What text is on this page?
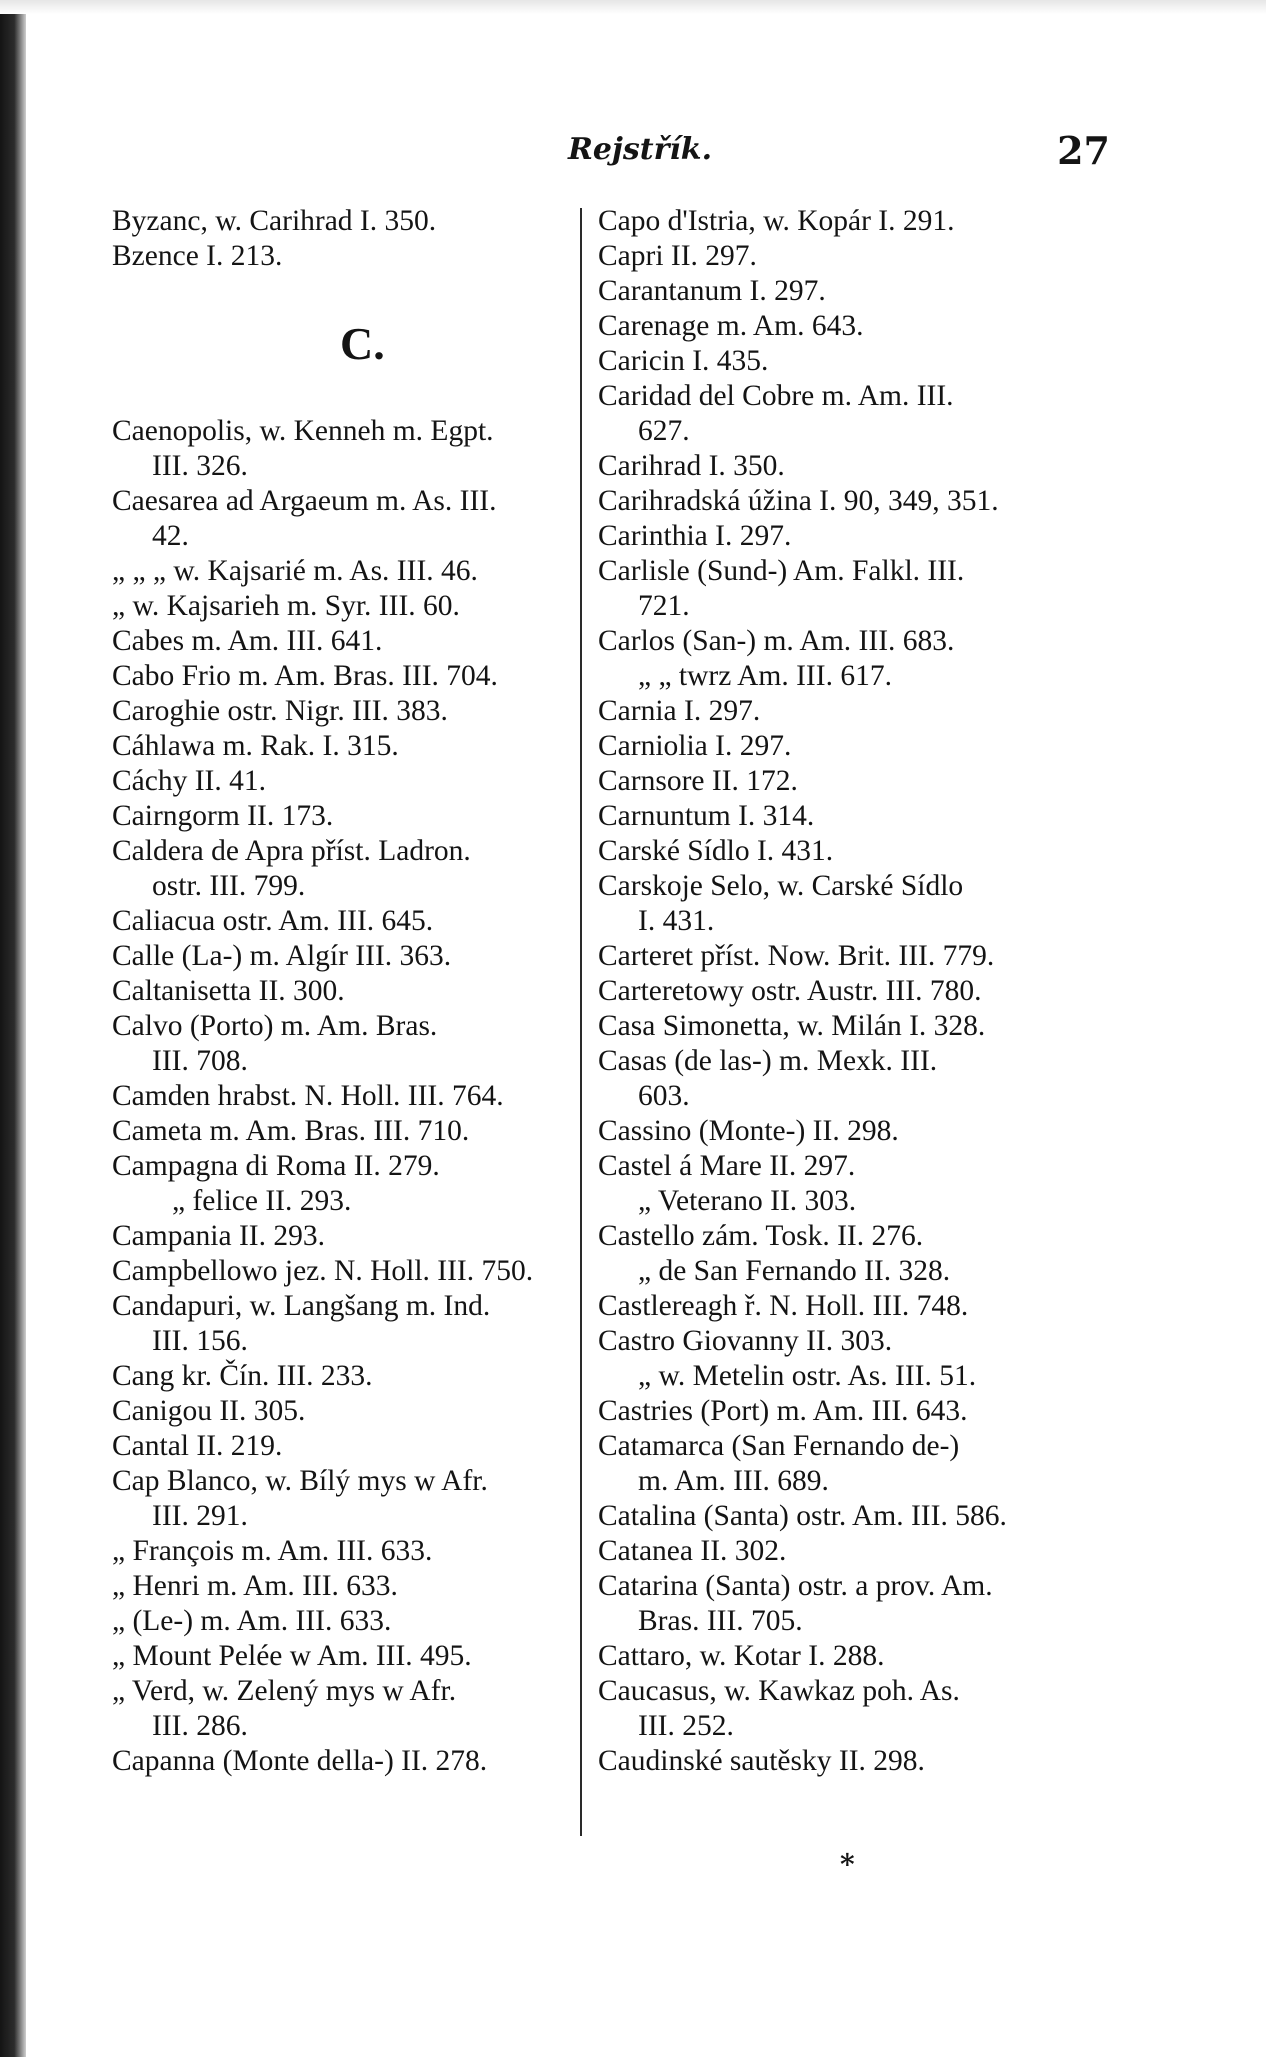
Rejstřík.	27
Byzanc, w. Carihrad I. 350.
Bzence I. 213.
C.
Caenopolis, w. Kenneh m. Egpt.
III. 326.
Caesarea ad Argaeum m. As. III.
42.
„ „ „ w. Kajsarié m. As. III. 46.
„ w. Kajsarieh m. Syr. III. 60.
Cabes m. Am. III. 641.
Cabo Frio m. Am. Bras. III. 704.
Caroghie ostr. Nigr. III. 383.
Cáhlawa m. Rak. I. 315.
Cáchy II. 41.
Cairngorm II. 173.
Caldera de Apra příst. Ladron.
ostr. III. 799.
Caliacua ostr. Am. III. 645.
Calle (La-) m. Algír III. 363.
Caltanisetta II. 300.
Calvo (Porto) m. Am. Bras.
III. 708.
Camden hrabst. N. Holl. III. 764.
Cameta m. Am. Bras. III. 710.
Campagna di Roma II. 279.
„ felice II. 293.
Campania II. 293.
Campbellowo jez. N. Holl. III. 750.
Candapuri, w. Langšang m. Ind.
III. 156.
Cang kr. Čín. III. 233.
Canigou II. 305.
Cantal II. 219.
Cap Blanco, w. Bílý mys w Afr.
III. 291.
„ François m. Am. III. 633.
„ Henri m. Am. III. 633.
„ (Le-) m. Am. III. 633.
„ Mount Pelée w Am. III. 495.
„ Verd, w. Zelený mys w Afr.
III. 286.
Capanna (Monte della-) II. 278.
Capo d'Istria, w. Kopár I. 291.
Capri II. 297.
Carantanum I. 297.
Carenage m. Am. 643.
Caricin I. 435.
Caridad del Cobre m. Am. III.
627.
Carihrad I. 350.
Carihradská úžina I. 90, 349, 351.
Carinthia I. 297.
Carlisle (Sund-) Am. Falkl. III.
721.
Carlos (San-) m. Am. III. 683.
„ „ twrz Am. III. 617.
Carnia I. 297.
Carniolia I. 297.
Carnsore II. 172.
Carnuntum I. 314.
Carské Sídlo I. 431.
Carskoje Selo, w. Carské Sídlo
I. 431.
Carteret příst. Now. Brit. III. 779.
Carteretowy ostr. Austr. III. 780.
Casa Simonetta, w. Milán I. 328.
Casas (de las-) m. Mexk. III.
603.
Cassino (Monte-) II. 298.
Castel á Mare II. 297.
„ Veterano II. 303.
Castello zám. Tosk. II. 276.
„ de San Fernando II. 328.
Castlereagh ř. N. Holl. III. 748.
Castro Giovanny II. 303.
„ w. Metelin ostr. As. III. 51.
Castries (Port) m. Am. III. 643.
Catamarca (San Fernando de-)
m. Am. III. 689.
Catalina (Santa) ostr. Am. III. 586.
Catanea II. 302.
Catarina (Santa) ostr. a prov. Am.
Bras. III. 705.
Cattaro, w. Kotar I. 288.
Caucasus, w. Kawkaz poh. As.
III. 252.
Caudinské sautěsky II. 298.
*
